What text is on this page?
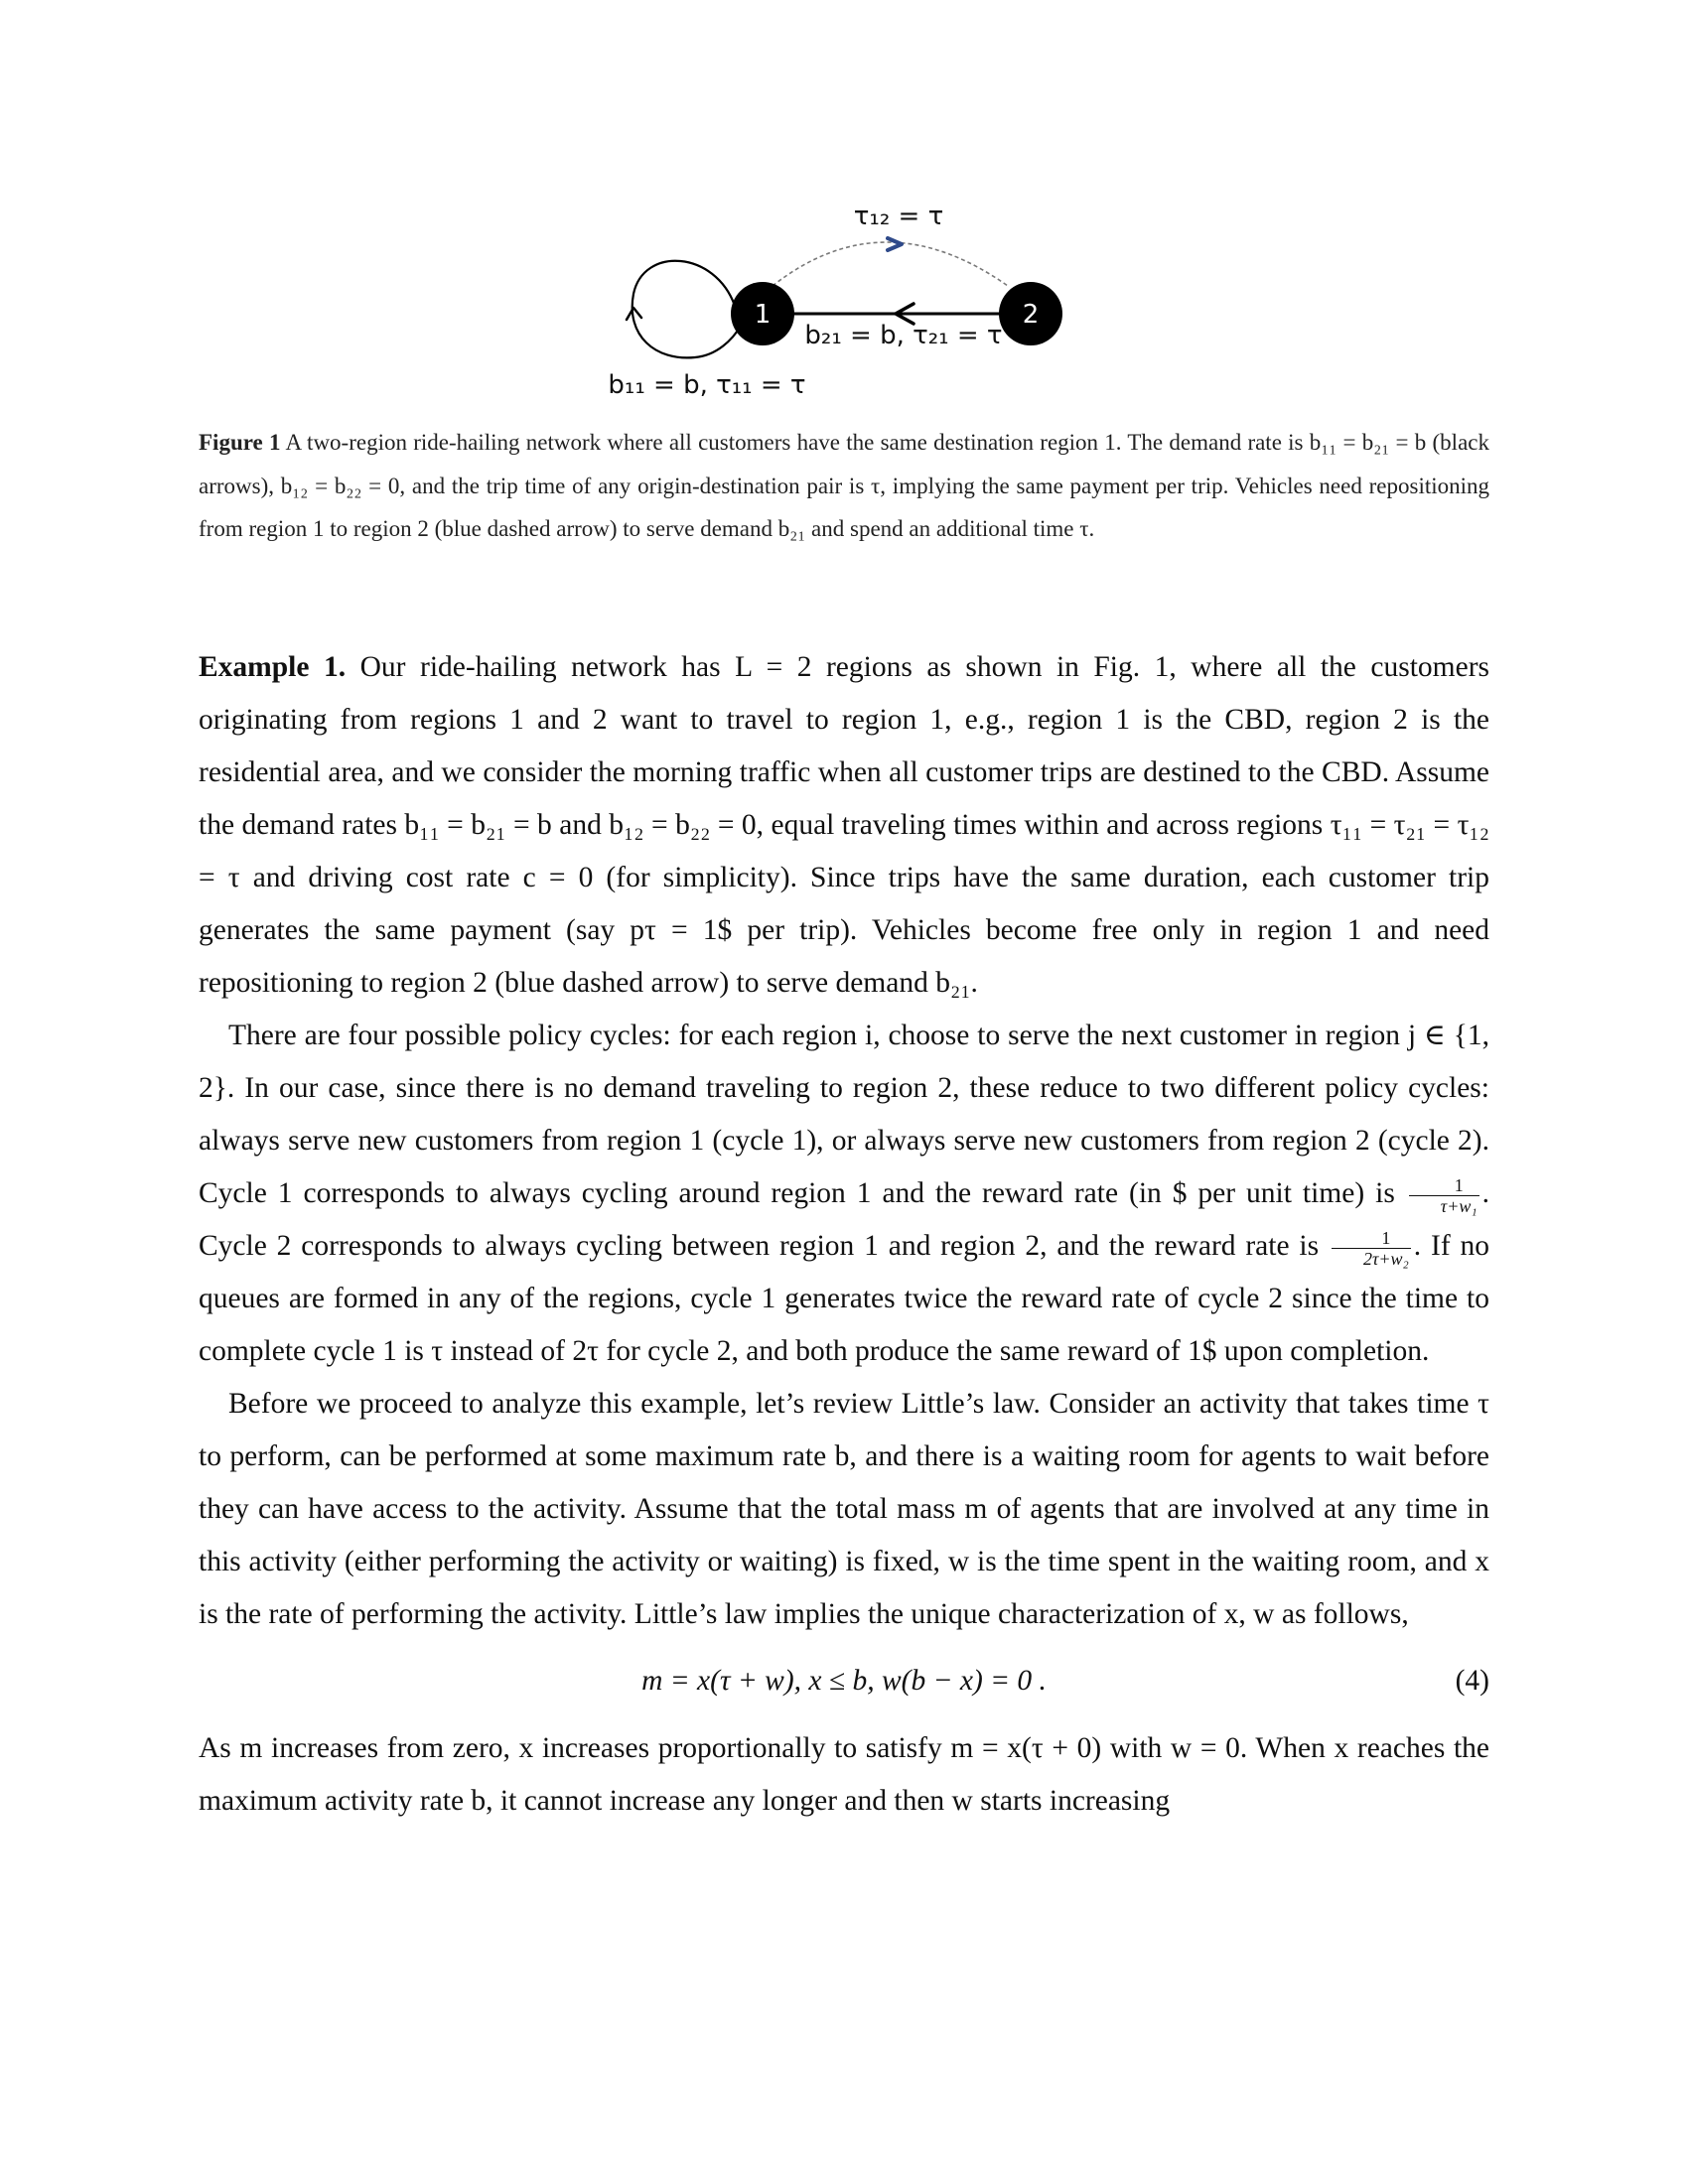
1	2
τ₁₂ = τ
b₂₁ = b, τ₂₁ = τ
b₁₁ = b, τ₁₁ = τ
Figure 1 A two-region ride-hailing network where all customers have the same destination region 1. The demand rate is b₁₁ = b₂₁ = b (black arrows), b₁₂ = b₂₂ = 0, and the trip time of any origin-destination pair is τ, implying the same payment per trip. Vehicles need repositioning from region 1 to region 2 (blue dashed arrow) to serve demand b₂₁ and spend an additional time τ.

Example 1. Our ride-hailing network has L = 2 regions as shown in Fig. 1, where all the customers originating from regions 1 and 2 want to travel to region 1, e.g., region 1 is the CBD, region 2 is the residential area, and we consider the morning traffic when all customer trips are destined to the CBD. Assume the demand rates b₁₁ = b₂₁ = b and b₁₂ = b₂₂ = 0, equal traveling times within and across regions τ₁₁ = τ₂₁ = τ₁₂ = τ and driving cost rate c = 0 (for simplicity). Since trips have the same duration, each customer trip generates the same payment (say pτ = 1$ per trip). Vehicles become free only in region 1 and need repositioning to region 2 (blue dashed arrow) to serve demand b₂₁.

There are four possible policy cycles: for each region i, choose to serve the next customer in region j ∈ {1, 2}. In our case, since there is no demand traveling to region 2, these reduce to two different policy cycles: always serve new customers from region 1 (cycle 1), or always serve new customers from region 2 (cycle 2). Cycle 1 corresponds to always cycling around region 1 and the reward rate (in $ per unit time) is $\frac{1}{\text{τ+w₁}}$ . Cycle 2 corresponds to always cycling between region 1 and region 2, and the reward rate is $\frac{1}{\text{2τ+w₂}}$ . If no queues are formed in any of the regions, cycle 1 generates twice the reward rate of cycle 2 since the time to complete cycle 1 is τ instead of 2τ for cycle 2, and both produce the same reward of 1$ upon completion.

Before we proceed to analyze this example, let’s review Little’s law. Consider an activity that takes time τ to perform, can be performed at some maximum rate b, and there is a waiting room for agents to wait before they can have access to the activity. Assume that the total mass m of agents that are involved at any time in this activity (either performing the activity or waiting) is fixed, w is the time spent in the waiting room, and x is the rate of performing the activity. Little’s law implies the unique characterization of x, w as follows,

m = x(τ + w), x ≤ b, w(b − x) = 0 .	(4)

As m increases from zero, x increases proportionally to satisfy m = x(τ + 0) with w = 0. When x reaches the maximum activity rate b, it cannot increase any longer and then w starts increasing
